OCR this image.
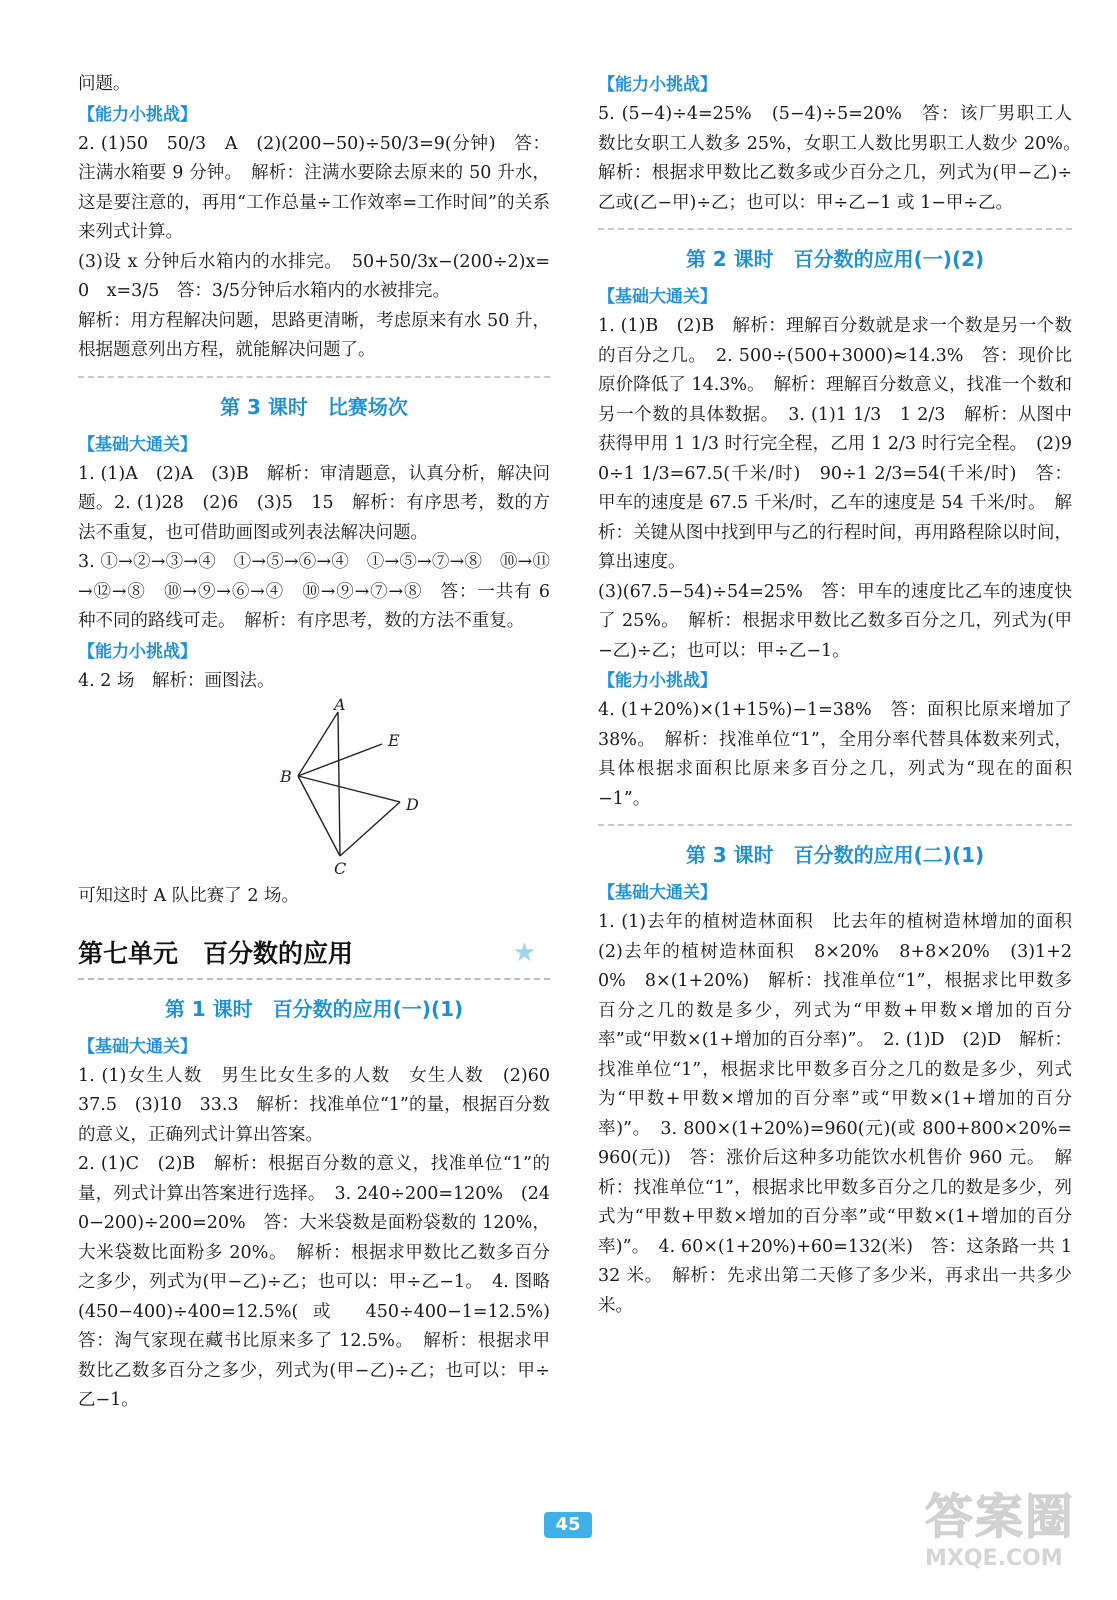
问题。

【能力小挑战】

2. (1)50　50/3　A　(2)(200−50)÷50/3=9(分钟)　答：注满水箱要 9 分钟。　解析：注满水要除去原来的 50 升水，这是要注意的，再用“工作总量÷工作效率=工作时间”的关系来列式计算。

(3)设 x 分钟后水箱内的水排完。　50+50/3x−(200÷2)x=0　x=3/5　答：3/5分钟后水箱内的水被排完。

解析：用方程解决问题，思路更清晰，考虑原来有水 50 升，根据题意列出方程，就能解决问题了。

第 3 课时　比赛场次

【基础大通关】

1. (1)A　(2)A　(3)B　解析：审清题意，认真分析，解决问题。2. (1)28　(2)6　(3)5　15　解析：有序思考，数的方法不重复，也可借助画图或列表法解决问题。

3. ①→②→③→④　①→⑤→⑥→④　①→⑤→⑦→⑧　⑩→⑪→⑫→⑧　⑩→⑨→⑥→④　⑩→⑨→⑦→⑧　答：一共有 6 种不同的路线可走。　解析：有序思考，数的方法不重复。

【能力小挑战】

4. 2 场　解析：画图法。

A
B
C
D
E

可知这时 A 队比赛了 2 场。

第七单元　百分数的应用	★
第 1 课时　百分数的应用(一)(1)

【基础大通关】

1. (1)女生人数　男生比女生多的人数　女生人数　(2)60　37.5　(3)10　33.3　解析：找准单位“1”的量，根据百分数的意义，正确列式计算出答案。

2. (1)C　(2)B　解析：根据百分数的意义，找准单位“1”的量，列式计算出答案进行选择。　3. 240÷200=120%　(240−200)÷200=20%　答：大米袋数是面粉袋数的 120%，大米袋数比面粉多 20%。　解析：根据求甲数比乙数多百分之多少，列式为(甲−乙)÷乙；也可以：甲÷乙−1。　4. 图略　(450−400)÷400=12.5%(或 450÷400−1=12.5%)　答：淘气家现在藏书比原来多了 12.5%。　解析：根据求甲数比乙数多百分之多少，列式为(甲−乙)÷乙；也可以：甲÷乙−1。

【能力小挑战】

5. (5−4)÷4=25%　(5−4)÷5=20%　答：该厂男职工人数比女职工人数多 25%，女职工人数比男职工人数少 20%。　解析：根据求甲数比乙数多或少百分之几，列式为(甲−乙)÷乙或(乙−甲)÷乙；也可以：甲÷乙−1 或 1−甲÷乙。

第 2 课时　百分数的应用(一)(2)

【基础大通关】

1. (1)B　(2)B　解析：理解百分数就是求一个数是另一个数的百分之几。　2. 500÷(500+3000)≈14.3%　答：现价比原价降低了 14.3%。　解析：理解百分数意义，找准一个数和另一个数的具体数据。　3. (1)1 1/3　1 2/3　解析：从图中获得甲用 1 1/3 时行完全程，乙用 1 2/3 时行完全程。　(2)90÷1 1/3=67.5(千米/时)　90÷1 2/3=54(千米/时)　答：甲车的速度是 67.5 千米/时，乙车的速度是 54 千米/时。　解析：关键从图中找到甲与乙的行程时间，再用路程除以时间，算出速度。

(3)(67.5−54)÷54=25%　答：甲车的速度比乙车的速度快了 25%。　解析：根据求甲数比乙数多百分之几，列式为(甲−乙)÷乙；也可以：甲÷乙−1。

【能力小挑战】

4. (1+20%)×(1+15%)−1=38%　答：面积比原来增加了 38%。　解析：找准单位“1”，全用分率代替具体数来列式，具体根据求面积比原来多百分之几，列式为“现在的面积−1”。

第 3 课时　百分数的应用(二)(1)

【基础大通关】

1. (1)去年的植树造林面积　比去年的植树造林增加的面积　(2)去年的植树造林面积　8×20%　8+8×20%　(3)1+20%　8×(1+20%)　解析：找准单位“1”，根据求比甲数多百分之几的数是多少，列式为“甲数+甲数×增加的百分率”或“甲数×(1+增加的百分率)”。　2. (1)D　(2)D　解析：找准单位“1”，根据求比甲数多百分之几的数是多少，列式为“甲数+甲数×增加的百分率”或“甲数×(1+增加的百分率)”。　3. 800×(1+20%)=960(元)(或 800+800×20%=960(元))　答：涨价后这种多功能饮水机售价 960 元。　解析：找准单位“1”，根据求比甲数多百分之几的数是多少，列式为“甲数+甲数×增加的百分率”或“甲数×(1+增加的百分率)”。　4. 60×(1+20%)+60=132(米)　答：这条路一共 132 米。　解析：先求出第二天修了多少米，再求出一共多少米。

45	答案圈
MXQE.COM
